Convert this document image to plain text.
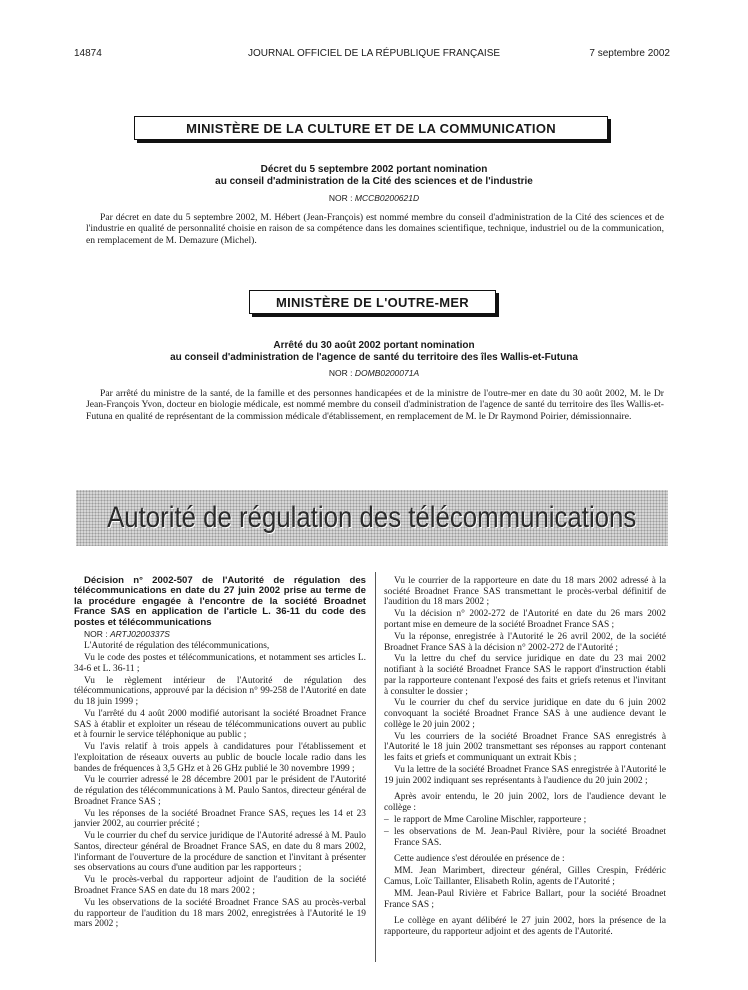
JOURNAL OFFICIEL DE LA RÉPUBLIQUE FRANÇAISE
14874	7 septembre 2002
MINISTÈRE DE LA CULTURE ET DE LA COMMUNICATION
Décret du 5 septembre 2002 portant nomination
au conseil d'administration de la Cité des sciences et de l'industrie
NOR : MCCB0200621D

Par décret en date du 5 septembre 2002, M. Hébert (Jean-François) est nommé membre du conseil d'administration de la Cité des sciences et de l'industrie en qualité de personnalité choisie en raison de sa compétence dans les domaines scientifique, technique, industriel ou de la communication, en remplacement de M. Demazure (Michel).

MINISTÈRE DE L'OUTRE-MER
Arrêté du 30 août 2002 portant nomination
au conseil d'administration de l'agence de santé du territoire des îles Wallis-et-Futuna
NOR : DOMB0200071A

Par arrêté du ministre de la santé, de la famille et des personnes handicapées et de la ministre de l'outre-mer en date du 30 août 2002, M. le Dr Jean-François Yvon, docteur en biologie médicale, est nommé membre du conseil d'administration de l'agence de santé du territoire des îles Wallis-et-Futuna en qualité de représentant de la commission médicale d'établissement, en remplacement de M. le Dr Raymond Poirier, démissionnaire.

Autorité de régulation des télécommunications

Décision n° 2002-507 de l'Autorité de régulation des télécommunications en date du 27 juin 2002 prise au terme de la procédure engagée à l'encontre de la société Broadnet France SAS en application de l'article L. 36-11 du code des postes et télécommunications

NOR : ARTJ0200337S

L'Autorité de régulation des télécommunications,

Vu le code des postes et télécommunications, et notamment ses articles L. 34-6 et L. 36-11 ;

Vu le règlement intérieur de l'Autorité de régulation des télécommunications, approuvé par la décision n° 99-258 de l'Autorité en date du 18 juin 1999 ;

Vu l'arrêté du 4 août 2000 modifié autorisant la société Broadnet France SAS à établir et exploiter un réseau de télécommunications ouvert au public et à fournir le service téléphonique au public ;

Vu l'avis relatif à trois appels à candidatures pour l'établissement et l'exploitation de réseaux ouverts au public de boucle locale radio dans les bandes de fréquences à 3,5 GHz et à 26 GHz publié le 30 novembre 1999 ;

Vu le courrier adressé le 28 décembre 2001 par le président de l'Autorité de régulation des télécommunications à M. Paulo Santos, directeur général de Broadnet France SAS ;

Vu les réponses de la société Broadnet France SAS, reçues les 14 et 23 janvier 2002, au courrier précité ;

Vu le courrier du chef du service juridique de l'Autorité adressé à M. Paulo Santos, directeur général de Broadnet France SAS, en date du 8 mars 2002, l'informant de l'ouverture de la procédure de sanction et l'invitant à présenter ses observations au cours d'une audition par les rapporteurs ;

Vu le procès-verbal du rapporteur adjoint de l'audition de la société Broadnet France SAS en date du 18 mars 2002 ;

Vu les observations de la société Broadnet France SAS au procès-verbal du rapporteur de l'audition du 18 mars 2002, enregistrées à l'Autorité le 19 mars 2002 ;

Vu le courrier de la rapporteure en date du 18 mars 2002 adressé à la société Broadnet France SAS transmettant le procès-verbal définitif de l'audition du 18 mars 2002 ;

Vu la décision n° 2002-272 de l'Autorité en date du 26 mars 2002 portant mise en demeure de la société Broadnet France SAS ;

Vu la réponse, enregistrée à l'Autorité le 26 avril 2002, de la société Broadnet France SAS à la décision n° 2002-272 de l'Autorité ;

Vu la lettre du chef du service juridique en date du 23 mai 2002 notifiant à la société Broadnet France SAS le rapport d'instruction établi par la rapporteure contenant l'exposé des faits et griefs retenus et l'invitant à consulter le dossier ;

Vu le courrier du chef du service juridique en date du 6 juin 2002 convoquant la société Broadnet France SAS à une audience devant le collège le 20 juin 2002 ;

Vu les courriers de la société Broadnet France SAS enregistrés à l'Autorité le 18 juin 2002 transmettant ses réponses au rapport contenant les faits et griefs et communiquant un extrait Kbis ;

Vu la lettre de la société Broadnet France SAS enregistrée à l'Autorité le 19 juin 2002 indiquant ses représentants à l'audience du 20 juin 2002 ;

Après avoir entendu, le 20 juin 2002, lors de l'audience devant le collège :

– le rapport de Mme Caroline Mischler, rapporteure ;

– les observations de M. Jean-Paul Rivière, pour la société Broadnet France SAS.

Cette audience s'est déroulée en présence de :

MM. Jean Marimbert, directeur général, Gilles Crespin, Frédéric Camus, Loïc Taillanter, Elisabeth Rolin, agents de l'Autorité ;

MM. Jean-Paul Rivière et Fabrice Ballart, pour la société Broadnet France SAS ;

Le collège en ayant délibéré le 27 juin 2002, hors la présence de la rapporteure, du rapporteur adjoint et des agents de l'Autorité.
